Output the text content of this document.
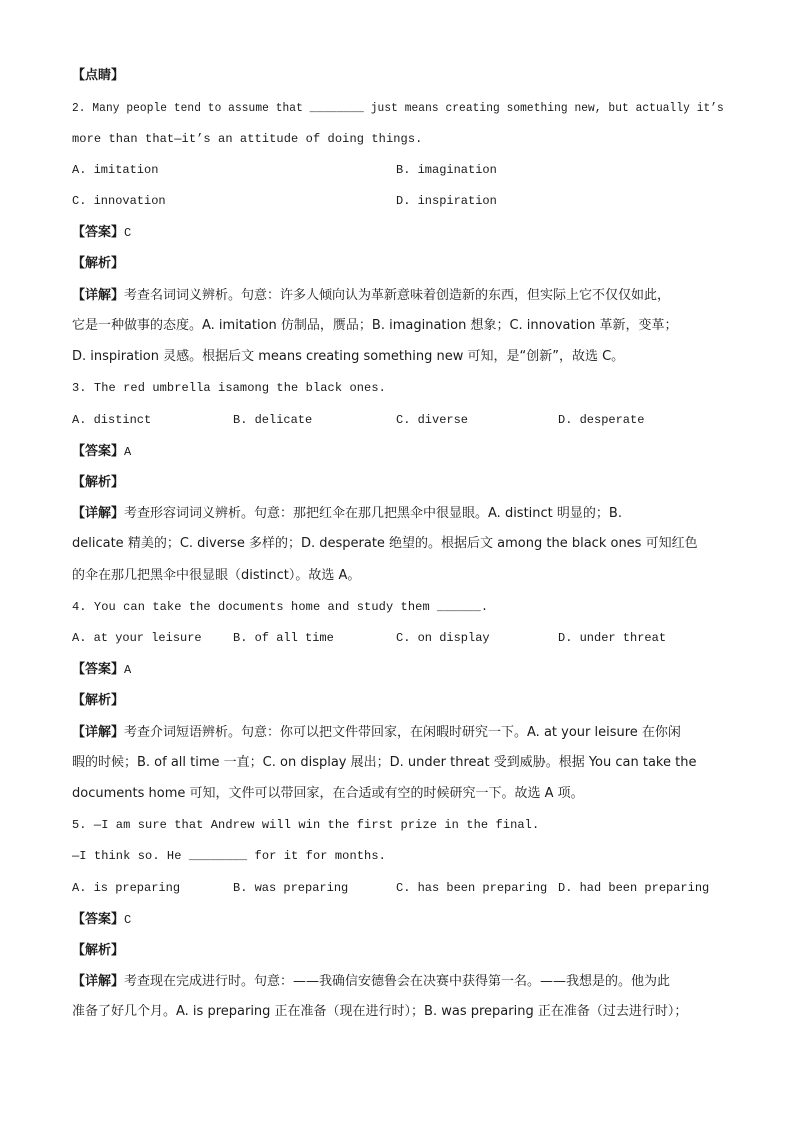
【点睛】
2. Many people tend to assume that ________ just means creating something new, but actually it’s
more than that—it’s an attitude of doing things.
A. imitation	B. imagination
C. innovation	D. inspiration
【答案】C
【解析】
【详解】考查名词词义辨析。句意：许多人倾向认为革新意味着创造新的东西，但实际上它不仅仅如此，
它是一种做事的态度。A. imitation 仿制品，赝品；B. imagination 想象；C. innovation 革新，变革；
D. inspiration 灵感。根据后文 means creating something new 可知，是“创新”，故选 C。
3. The red umbrella isamong the black ones.
A. distinct	B. delicate	C. diverse	D. desperate
【答案】A
【解析】
【详解】考查形容词词义辨析。句意：那把红伞在那几把黑伞中很显眼。A. distinct 明显的；B.
delicate 精美的；C. diverse 多样的；D. desperate 绝望的。根据后文 among the black ones 可知红色
的伞在那几把黑伞中很显眼（distinct）。故选 A。
4. You can take the documents home and study them ______.
A. at your leisure	B. of all time	C. on display	D. under threat
【答案】A
【解析】
【详解】考查介词短语辨析。句意：你可以把文件带回家，在闲暇时研究一下。A. at your leisure 在你闲
暇的时候；B. of all time 一直；C. on display 展出；D. under threat 受到威胁。根据 You can take the
documents home 可知，文件可以带回家，在合适或有空的时候研究一下。故选 A 项。
5. —I am sure that Andrew will win the first prize in the final.
—I think so. He ________ for it for months.
A. is preparing	B. was preparing	C. has been preparing D. had been preparing
【答案】C
【解析】
【详解】考查现在完成进行时。句意：——我确信安德鲁会在决赛中获得第一名。——我想是的。他为此
准备了好几个月。A. is preparing 正在准备（现在进行时）；B. was preparing 正在准备（过去进行时）；
